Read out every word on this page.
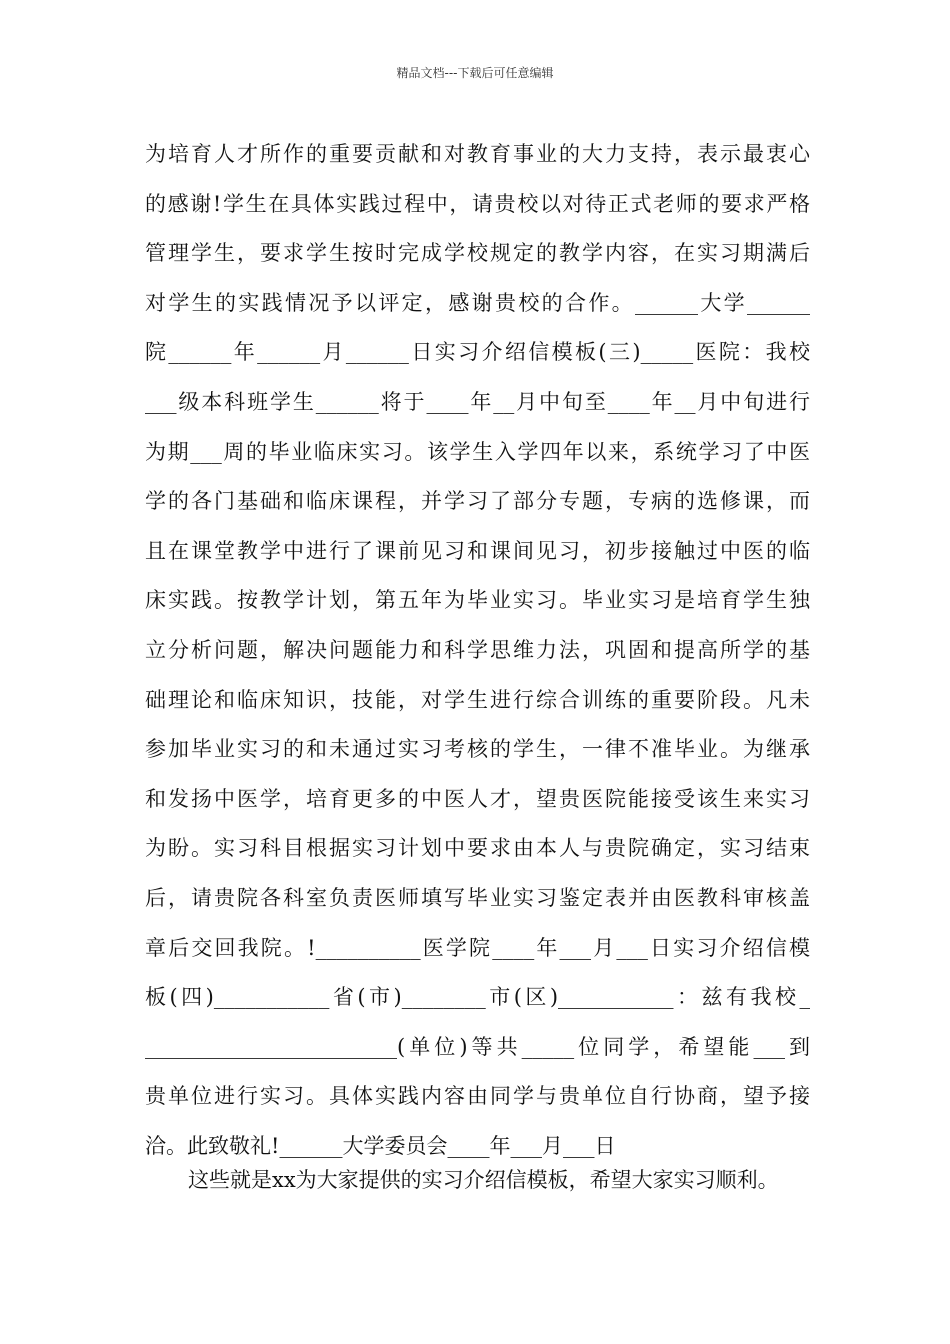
精品文档---下载后可任意编辑
为培育人才所作的重要贡献和对教育事业的大力支持，表示最衷心
的感谢!学生在具体实践过程中，请贵校以对待正式老师的要求严格
管理学生，要求学生按时完成学校规定的教学内容，在实习期满后
对学生的实践情况予以评定，感谢贵校的合作。______大学______
院______年______月______日实习介绍信模板(三)_____医院：我校
___级本科班学生______将于____年__月中旬至____年__月中旬进行
为期___周的毕业临床实习。该学生入学四年以来，系统学习了中医
学的各门基础和临床课程，并学习了部分专题，专病的选修课，而
且在课堂教学中进行了课前见习和课间见习，初步接触过中医的临
床实践。按教学计划，第五年为毕业实习。毕业实习是培育学生独
立分析问题，解决问题能力和科学思维力法，巩固和提高所学的基
础理论和临床知识，技能，对学生进行综合训练的重要阶段。凡未
参加毕业实习的和未通过实习考核的学生，一律不准毕业。为继承
和发扬中医学，培育更多的中医人才，望贵医院能接受该生来实习
为盼。实习科目根据实习计划中要求由本人与贵院确定，实习结束
后，请贵院各科室负责医师填写毕业实习鉴定表并由医教科审核盖
章后交回我院。!__________医学院____年___月___日实习介绍信模
板(四)___________省(市)________市(区)___________：兹有我校_
________________________(单位)等共_____位同学，希望能___到
贵单位进行实习。具体实践内容由同学与贵单位自行协商，望予接
洽。此致敬礼!______大学委员会____年___月___日
这些就是xx为大家提供的实习介绍信模板，希望大家实习顺利。
